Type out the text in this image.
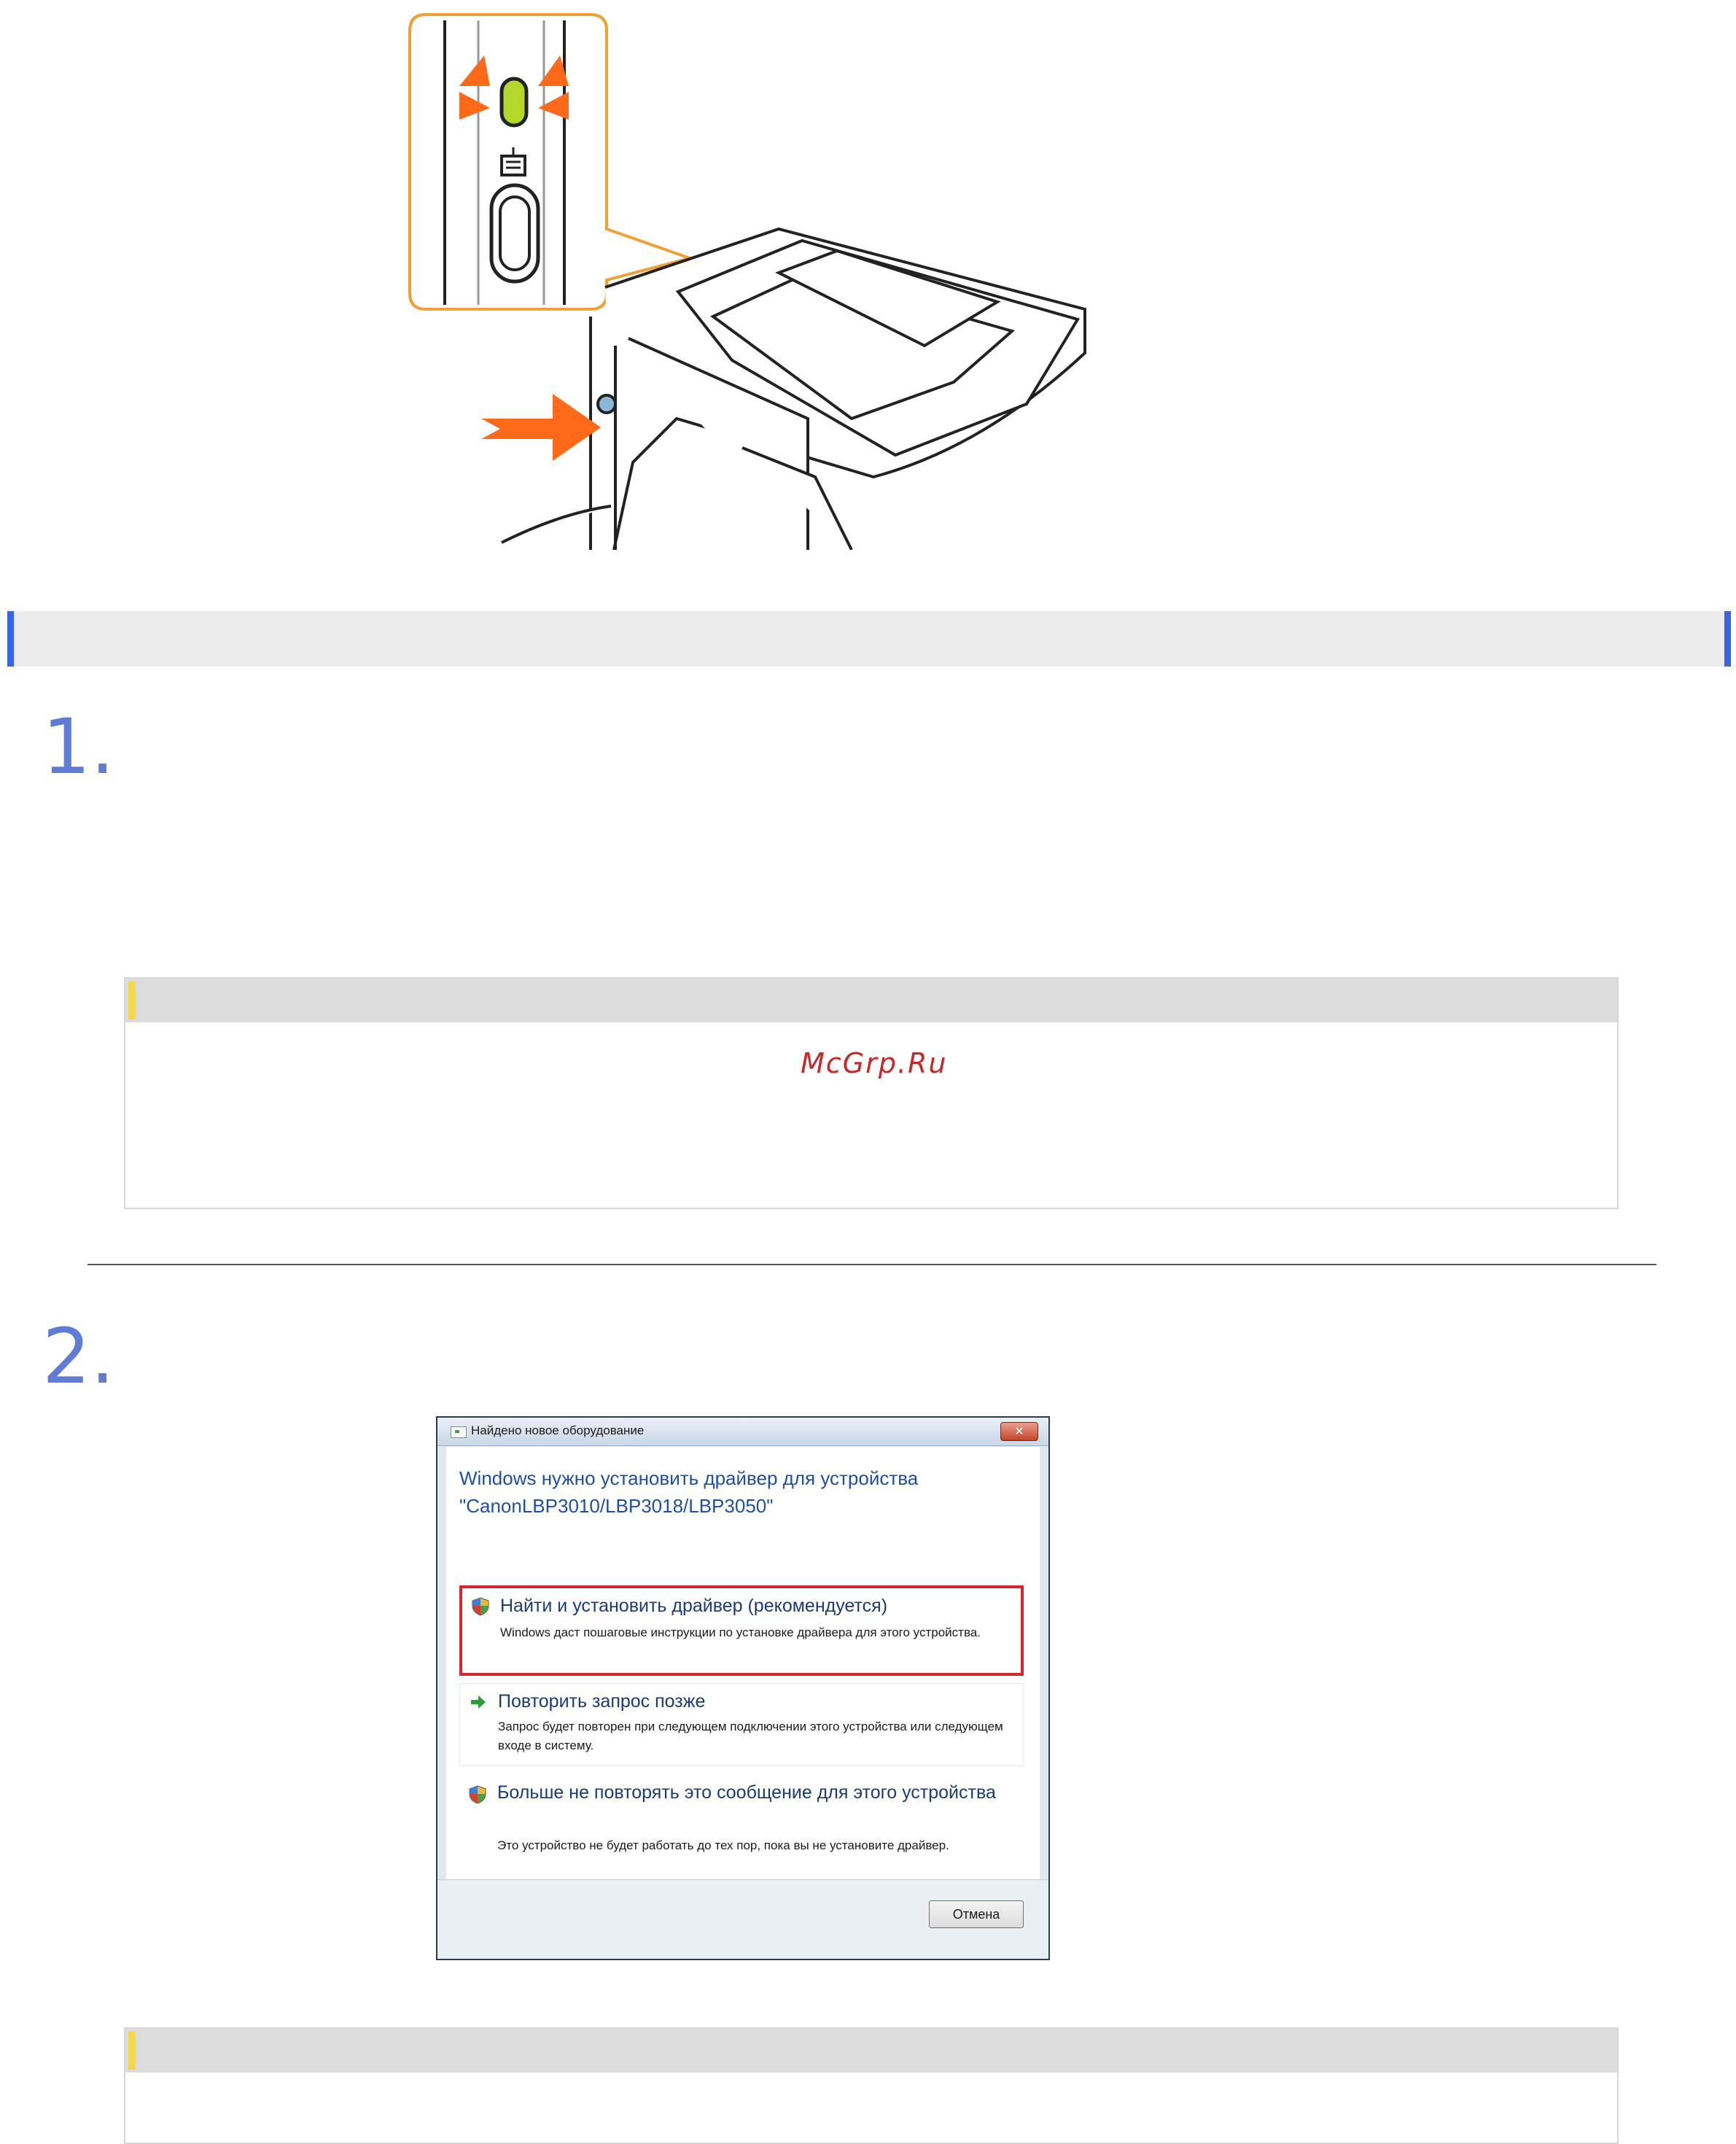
1.
McGrp.Ru
2.
Найдено новое оборудование	✕
Windows нужно установить драйвер для устройства "CanonLBP3010/LBP3018/LBP3050"
Найти и установить драйвер (рекомендуется)
Windows даст пошаговые инструкции по установке драйвера для этого устройства.
Повторить запрос позже
Запрос будет повторен при следующем подключении этого устройства или следующем входе в систему.
Больше не повторять это сообщение для этого устройства
Это устройство не будет работать до тех пор, пока вы не установите драйвер.
Отмена
